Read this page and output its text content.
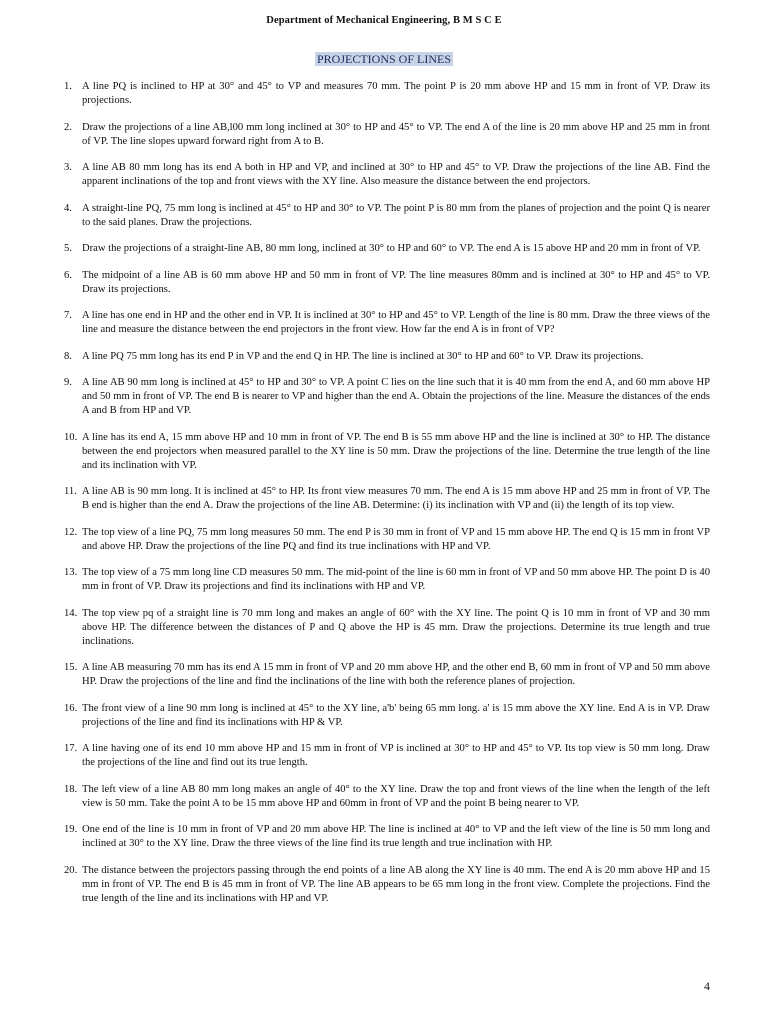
Department of Mechanical Engineering, B M S C E
PROJECTIONS OF LINES
1. A line PQ is inclined to HP at 30° and 45° to VP and measures 70 mm. The point P is 20 mm above HP and 15 mm in front of VP. Draw its projections.
2. Draw the projections of a line AB,l00 mm long inclined at 30° to HP and 45° to VP. The end A of the line is 20 mm above HP and 25 mm in front of VP. The line slopes upward forward right from A to B.
3. A line AB 80 mm long has its end A both in HP and VP, and inclined at 30° to HP and 45° to VP. Draw the projections of the line AB. Find the apparent inclinations of the top and front views with the XY line. Also measure the distance between the end projectors.
4. A straight-line PQ, 75 mm long is inclined at 45° to HP and 30° to VP. The point P is 80 mm from the planes of projection and the point Q is nearer to the said planes. Draw the projections.
5. Draw the projections of a straight-line AB, 80 mm long, inclined at 30° to HP and 60° to VP. The end A is 15 above HP and 20 mm in front of VP.
6. The midpoint of a line AB is 60 mm above HP and 50 mm in front of VP. The line measures 80mm and is inclined at 30° to HP and 45° to VP. Draw its projections.
7. A line has one end in HP and the other end in VP. It is inclined at 30° to HP and 45° to VP. Length of the line is 80 mm. Draw the three views of the line and measure the distance between the end projectors in the front view. How far the end A is in front of VP?
8. A line PQ 75 mm long has its end P in VP and the end Q in HP. The line is inclined at 30° to HP and 60° to VP. Draw its projections.
9. A line AB 90 mm long is inclined at 45° to HP and 30° to VP. A point C lies on the line such that it is 40 mm from the end A, and 60 mm above HP and 50 mm in front of VP. The end B is nearer to VP and higher than the end A. Obtain the projections of the line. Measure the distances of the ends A and B from HP and VP.
10. A line has its end A, 15 mm above HP and 10 mm in front of VP. The end B is 55 mm above HP and the line is inclined at 30° to HP. The distance between the end projectors when measured parallel to the XY line is 50 mm. Draw the projections of the line. Determine the true length of the line and its inclination with VP.
11. A line AB is 90 mm long. It is inclined at 45° to HP. Its front view measures 70 mm. The end A is 15 mm above HP and 25 mm in front of VP. The B end is higher than the end A. Draw the projections of the line AB. Determine: (i) its inclination with VP and (ii) the length of its top view.
12. The top view of a line PQ, 75 mm long measures 50 mm. The end P is 30 mm in front of VP and 15 mm above HP. The end Q is 15 mm in front VP and above HP. Draw the projections of the line PQ and find its true inclinations with HP and VP.
13. The top view of a 75 mm long line CD measures 50 mm. The mid-point of the line is 60 mm in front of VP and 50 mm above HP. The point D is 40 mm in front of VP. Draw its projections and find its inclinations with HP and VP.
14. The top view pq of a straight line is 70 mm long and makes an angle of 60° with the XY line. The point Q is 10 mm in front of VP and 30 mm above HP. The difference between the distances of P and Q above the HP is 45 mm. Draw the projections. Determine its true length and true inclinations.
15. A line AB measuring 70 mm has its end A 15 mm in front of VP and 20 mm above HP, and the other end B, 60 mm in front of VP and 50 mm above HP. Draw the projections of the line and find the inclinations of the line with both the reference planes of projection.
16. The front view of a line 90 mm long is inclined at 45° to the XY line, a'b' being 65 mm long. a' is 15 mm above the XY line. End A is in VP. Draw projections of the line and find its inclinations with HP & VP.
17. A line having one of its end 10 mm above HP and 15 mm in front of VP is inclined at 30° to HP and 45° to VP. Its top view is 50 mm long. Draw the projections of the line and find out its true length.
18. The left view of a line AB 80 mm long makes an angle of 40° to the XY line. Draw the top and front views of the line when the length of the left view is 50 mm. Take the point A to be 15 mm above HP and 60mm in front of VP and the point B being nearer to VP.
19. One end of the line is 10 mm in front of VP and 20 mm above HP. The line is inclined at 40° to VP and the left view of the line is 50 mm long and inclined at 30° to the XY line. Draw the three views of the line find its true length and true inclination with HP.
20. The distance between the projectors passing through the end points of a line AB along the XY line is 40 mm. The end A is 20 mm above HP and 15 mm in front of VP. The end B is 45 mm in front of VP. The line AB appears to be 65 mm long in the front view. Complete the projections. Find the true length of the line and its inclinations with HP and VP.
4
